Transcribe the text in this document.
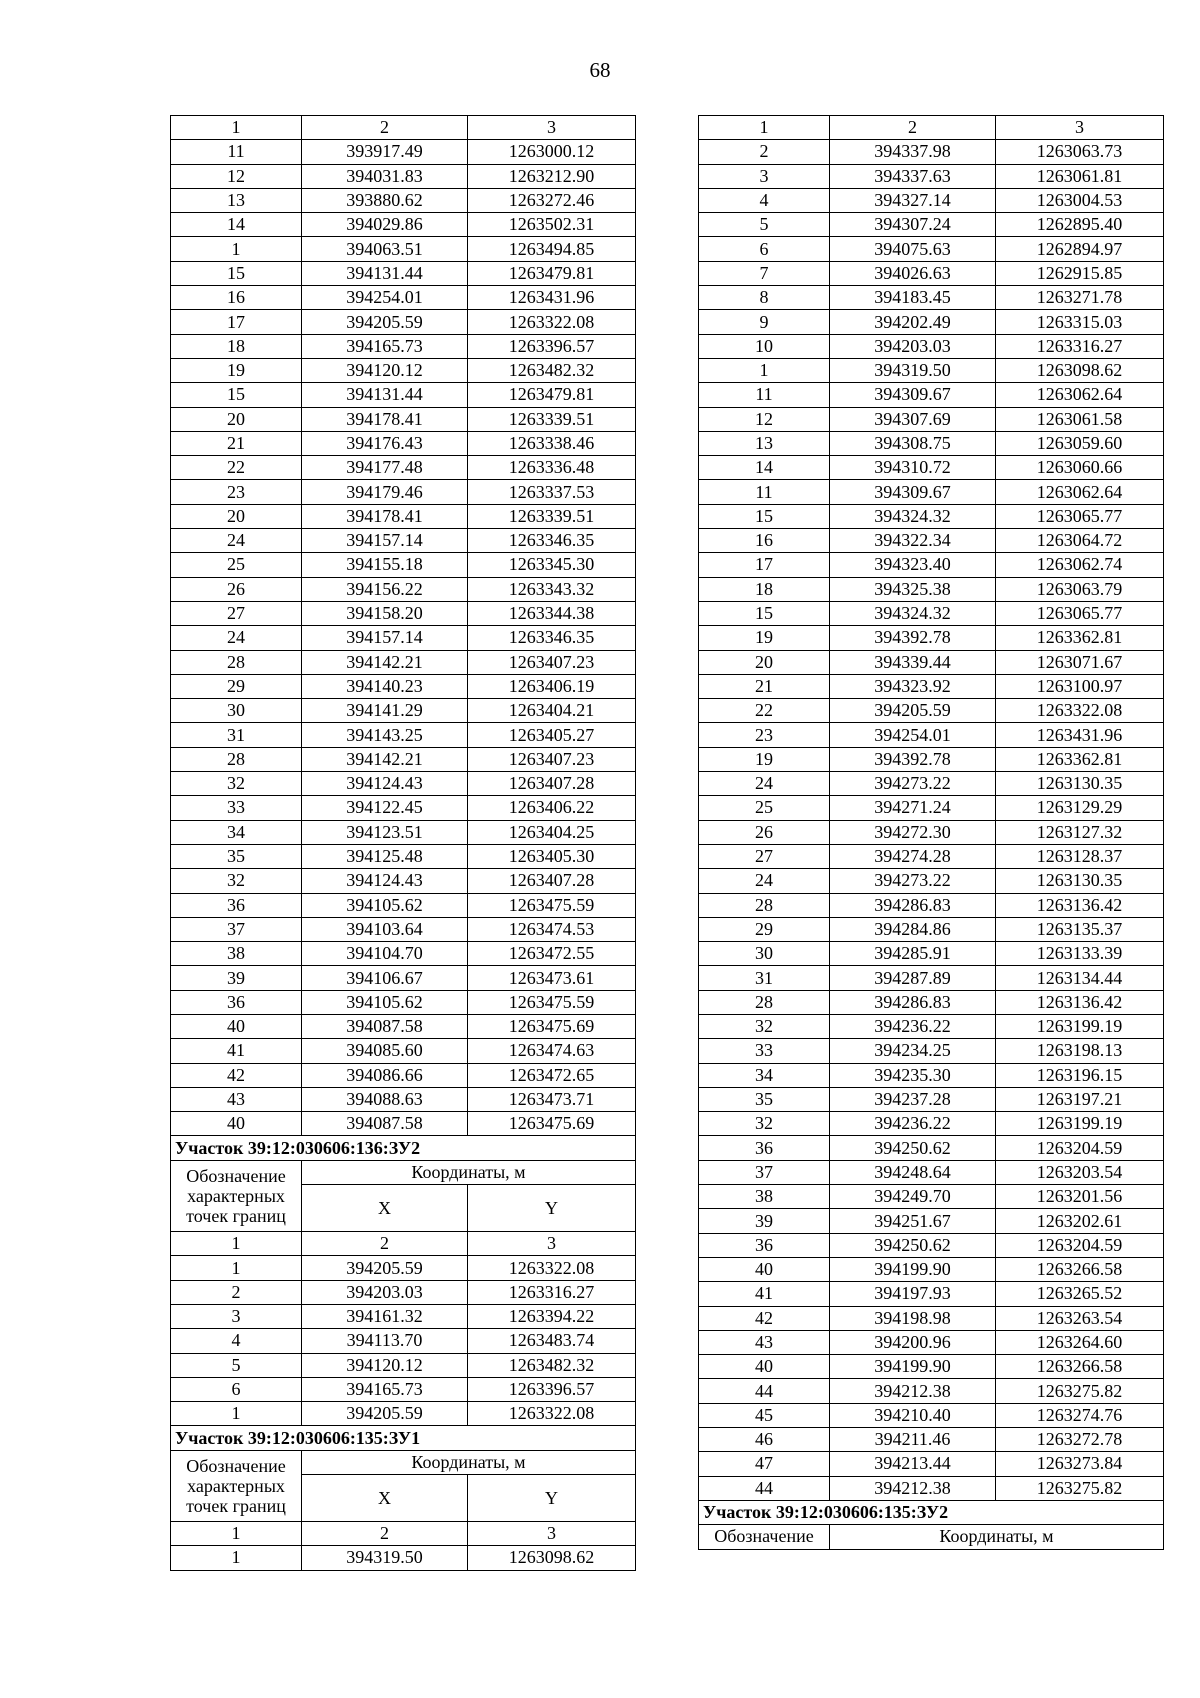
68
1	2	3
11	393917.49	1263000.12
12	394031.83	1263212.90
13	393880.62	1263272.46
14	394029.86	1263502.31
1	394063.51	1263494.85
15	394131.44	1263479.81
16	394254.01	1263431.96
17	394205.59	1263322.08
18	394165.73	1263396.57
19	394120.12	1263482.32
15	394131.44	1263479.81
20	394178.41	1263339.51
21	394176.43	1263338.46
22	394177.48	1263336.48
23	394179.46	1263337.53
20	394178.41	1263339.51
24	394157.14	1263346.35
25	394155.18	1263345.30
26	394156.22	1263343.32
27	394158.20	1263344.38
24	394157.14	1263346.35
28	394142.21	1263407.23
29	394140.23	1263406.19
30	394141.29	1263404.21
31	394143.25	1263405.27
28	394142.21	1263407.23
32	394124.43	1263407.28
33	394122.45	1263406.22
34	394123.51	1263404.25
35	394125.48	1263405.30
32	394124.43	1263407.28
36	394105.62	1263475.59
37	394103.64	1263474.53
38	394104.70	1263472.55
39	394106.67	1263473.61
36	394105.62	1263475.59
40	394087.58	1263475.69
41	394085.60	1263474.63
42	394086.66	1263472.65
43	394088.63	1263473.71
40	394087.58	1263475.69
Участок 39:12:030606:136:ЗУ2		
Обозначение характерных точек границ	Координаты, м	
	X	Y
1	2	3
1	394205.59	1263322.08
2	394203.03	1263316.27
3	394161.32	1263394.22
4	394113.70	1263483.74
5	394120.12	1263482.32
6	394165.73	1263396.57
1	394205.59	1263322.08
Участок 39:12:030606:135:ЗУ1		
Обозначение характерных точек границ	Координаты, м	
	X	Y
1	2	3
1	394319.50	1263098.62
1	2	3
2	394337.98	1263063.73
3	394337.63	1263061.81
4	394327.14	1263004.53
5	394307.24	1262895.40
6	394075.63	1262894.97
7	394026.63	1262915.85
8	394183.45	1263271.78
9	394202.49	1263315.03
10	394203.03	1263316.27
1	394319.50	1263098.62
11	394309.67	1263062.64
12	394307.69	1263061.58
13	394308.75	1263059.60
14	394310.72	1263060.66
11	394309.67	1263062.64
15	394324.32	1263065.77
16	394322.34	1263064.72
17	394323.40	1263062.74
18	394325.38	1263063.79
15	394324.32	1263065.77
19	394392.78	1263362.81
20	394339.44	1263071.67
21	394323.92	1263100.97
22	394205.59	1263322.08
23	394254.01	1263431.96
19	394392.78	1263362.81
24	394273.22	1263130.35
25	394271.24	1263129.29
26	394272.30	1263127.32
27	394274.28	1263128.37
24	394273.22	1263130.35
28	394286.83	1263136.42
29	394284.86	1263135.37
30	394285.91	1263133.39
31	394287.89	1263134.44
28	394286.83	1263136.42
32	394236.22	1263199.19
33	394234.25	1263198.13
34	394235.30	1263196.15
35	394237.28	1263197.21
32	394236.22	1263199.19
36	394250.62	1263204.59
37	394248.64	1263203.54
38	394249.70	1263201.56
39	394251.67	1263202.61
36	394250.62	1263204.59
40	394199.90	1263266.58
41	394197.93	1263265.52
42	394198.98	1263263.54
43	394200.96	1263264.60
40	394199.90	1263266.58
44	394212.38	1263275.82
45	394210.40	1263274.76
46	394211.46	1263272.78
47	394213.44	1263273.84
44	394212.38	1263275.82
Участок 39:12:030606:135:ЗУ2		
Обозначение	Координаты, м	
